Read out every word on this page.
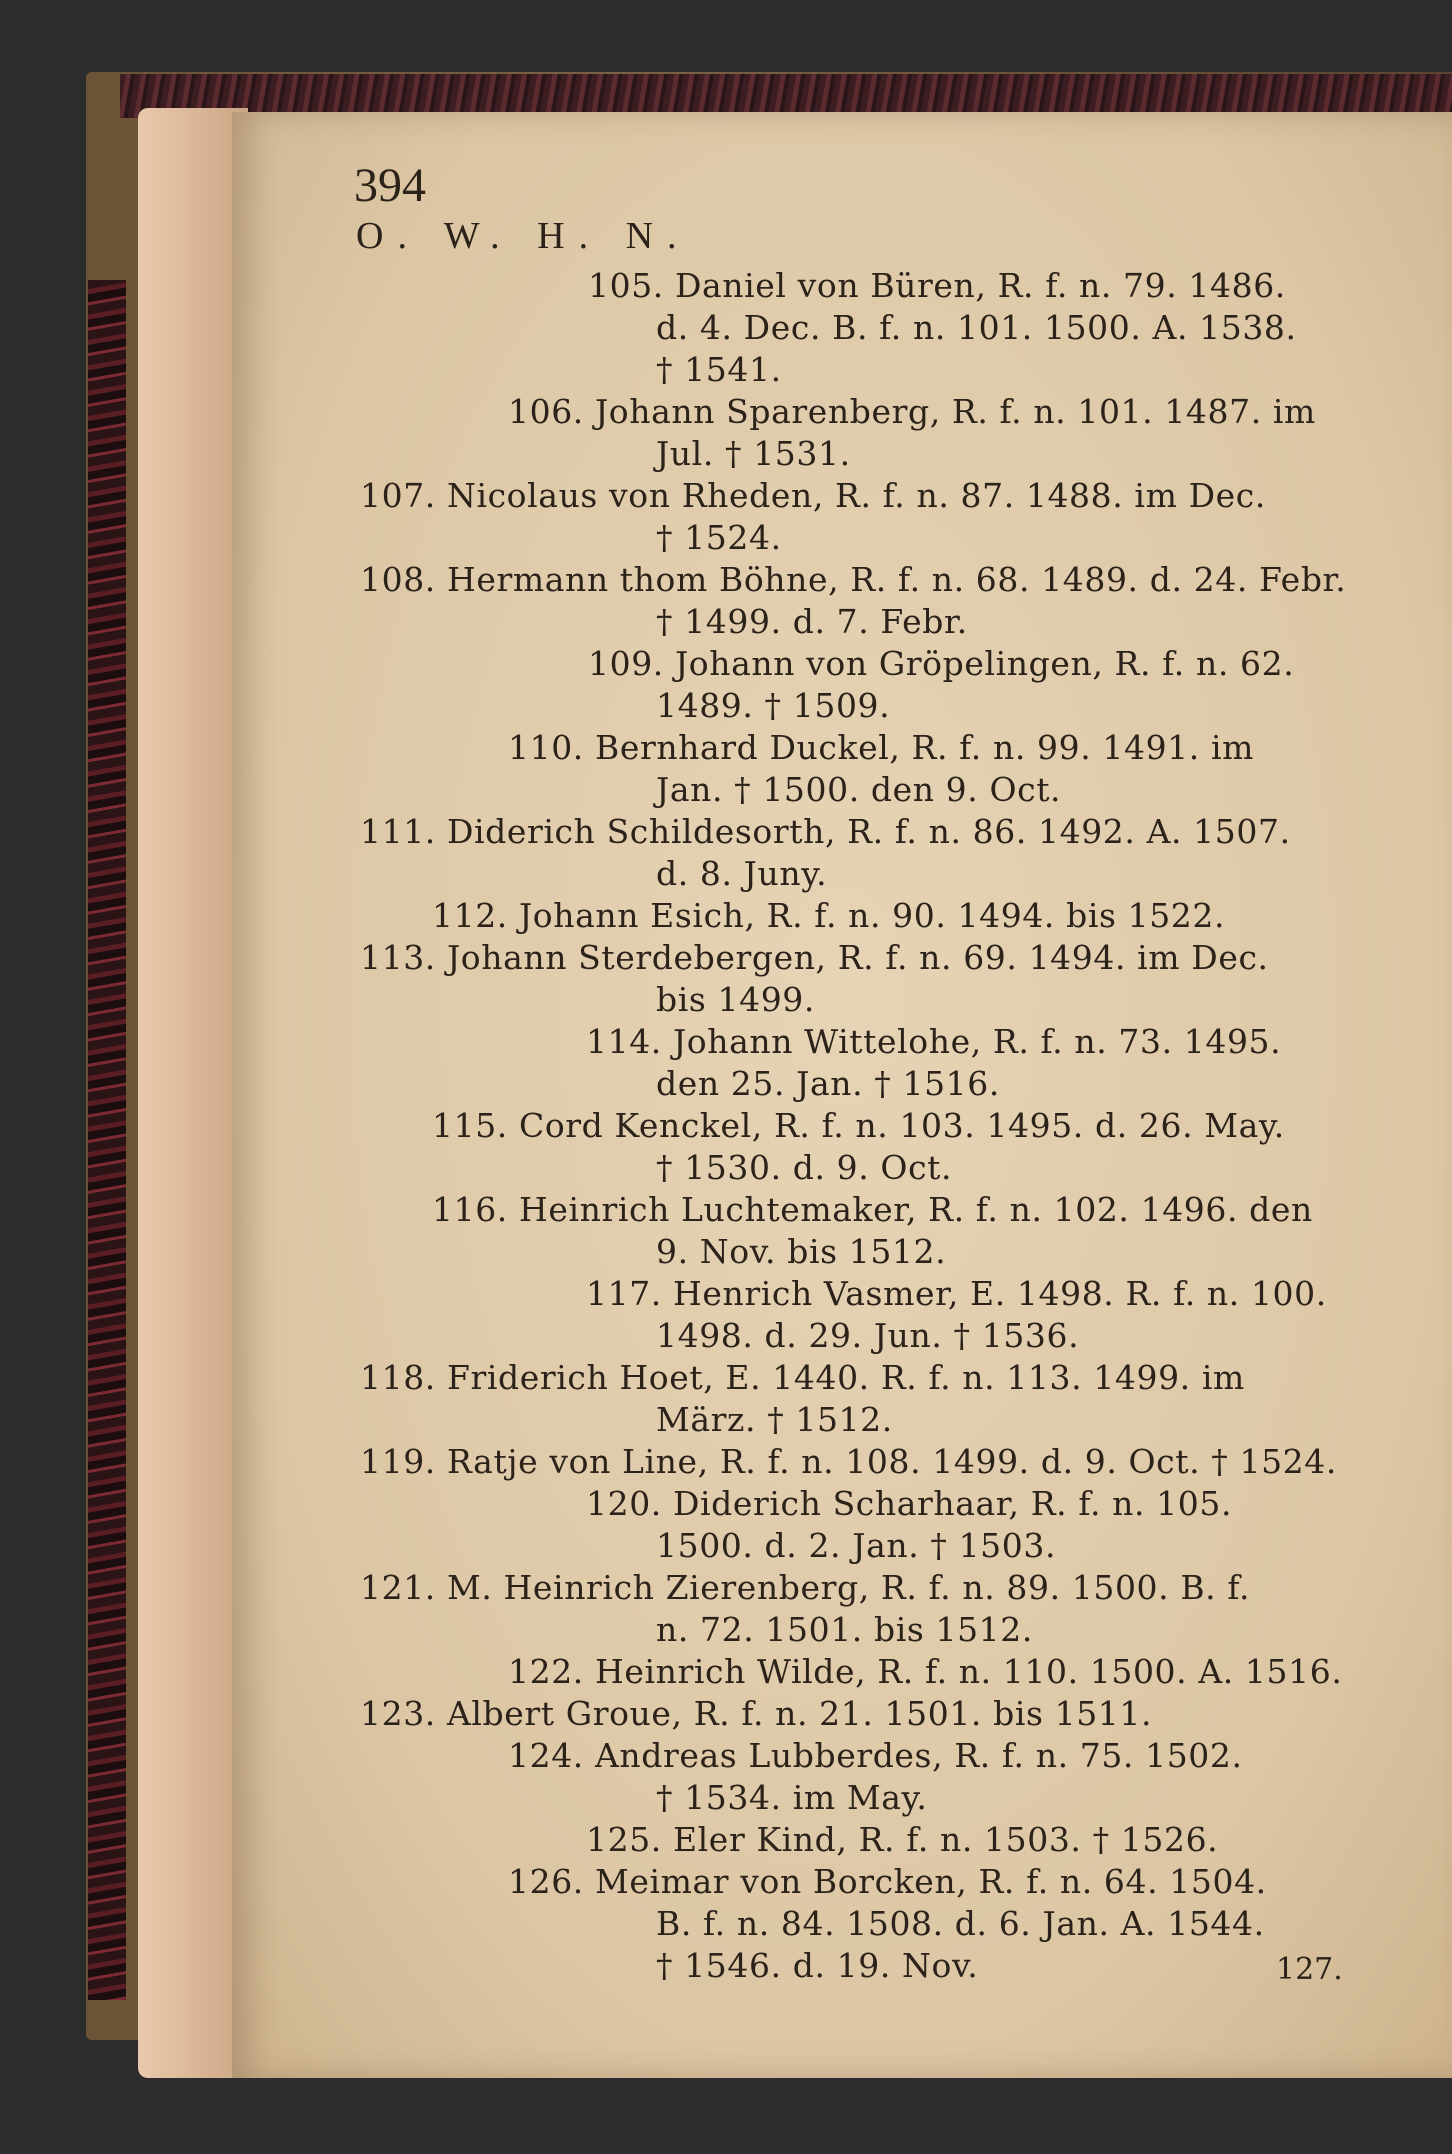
394
O. W. H. N.
105. Daniel von Büren, R. f. n. 79. 1486.
d. 4. Dec. B. f. n. 101. 1500. A. 1538.
† 1541.
106. Johann Sparenberg, R. f. n. 101. 1487. im
Jul. † 1531.
107. Nicolaus von Rheden, R. f. n. 87. 1488. im Dec.
† 1524.
108. Hermann thom Böhne, R. f. n. 68. 1489. d. 24. Febr.
† 1499. d. 7. Febr.
109. Johann von Gröpelingen, R. f. n. 62.
1489. † 1509.
110. Bernhard Duckel, R. f. n. 99. 1491. im
Jan. † 1500. den 9. Oct.
111. Diderich Schildesorth, R. f. n. 86. 1492. A. 1507.
d. 8. Juny.
112. Johann Esich, R. f. n. 90. 1494. bis 1522.
113. Johann Sterdebergen, R. f. n. 69. 1494. im Dec.
bis 1499.
114. Johann Wittelohe, R. f. n. 73. 1495.
den 25. Jan. † 1516.
115. Cord Kenckel, R. f. n. 103. 1495. d. 26. May.
† 1530. d. 9. Oct.
116. Heinrich Luchtemaker, R. f. n. 102. 1496. den
9. Nov. bis 1512.
117. Henrich Vasmer, E. 1498. R. f. n. 100.
1498. d. 29. Jun. † 1536.
118. Friderich Hoet, E. 1440. R. f. n. 113. 1499. im
März. † 1512.
119. Ratje von Line, R. f. n. 108. 1499. d. 9. Oct. † 1524.
120. Diderich Scharhaar, R. f. n. 105.
1500. d. 2. Jan. † 1503.
121. M. Heinrich Zierenberg, R. f. n. 89. 1500. B. f.
n. 72. 1501. bis 1512.
122. Heinrich Wilde, R. f. n. 110. 1500. A. 1516.
123. Albert Groue, R. f. n. 21. 1501. bis 1511.
124. Andreas Lubberdes, R. f. n. 75. 1502.
† 1534. im May.
125. Eler Kind, R. f. n. 1503. † 1526.
126. Meimar von Borcken, R. f. n. 64. 1504.
B. f. n. 84. 1508. d. 6. Jan. A. 1544.
† 1546. d. 19. Nov.	127.
